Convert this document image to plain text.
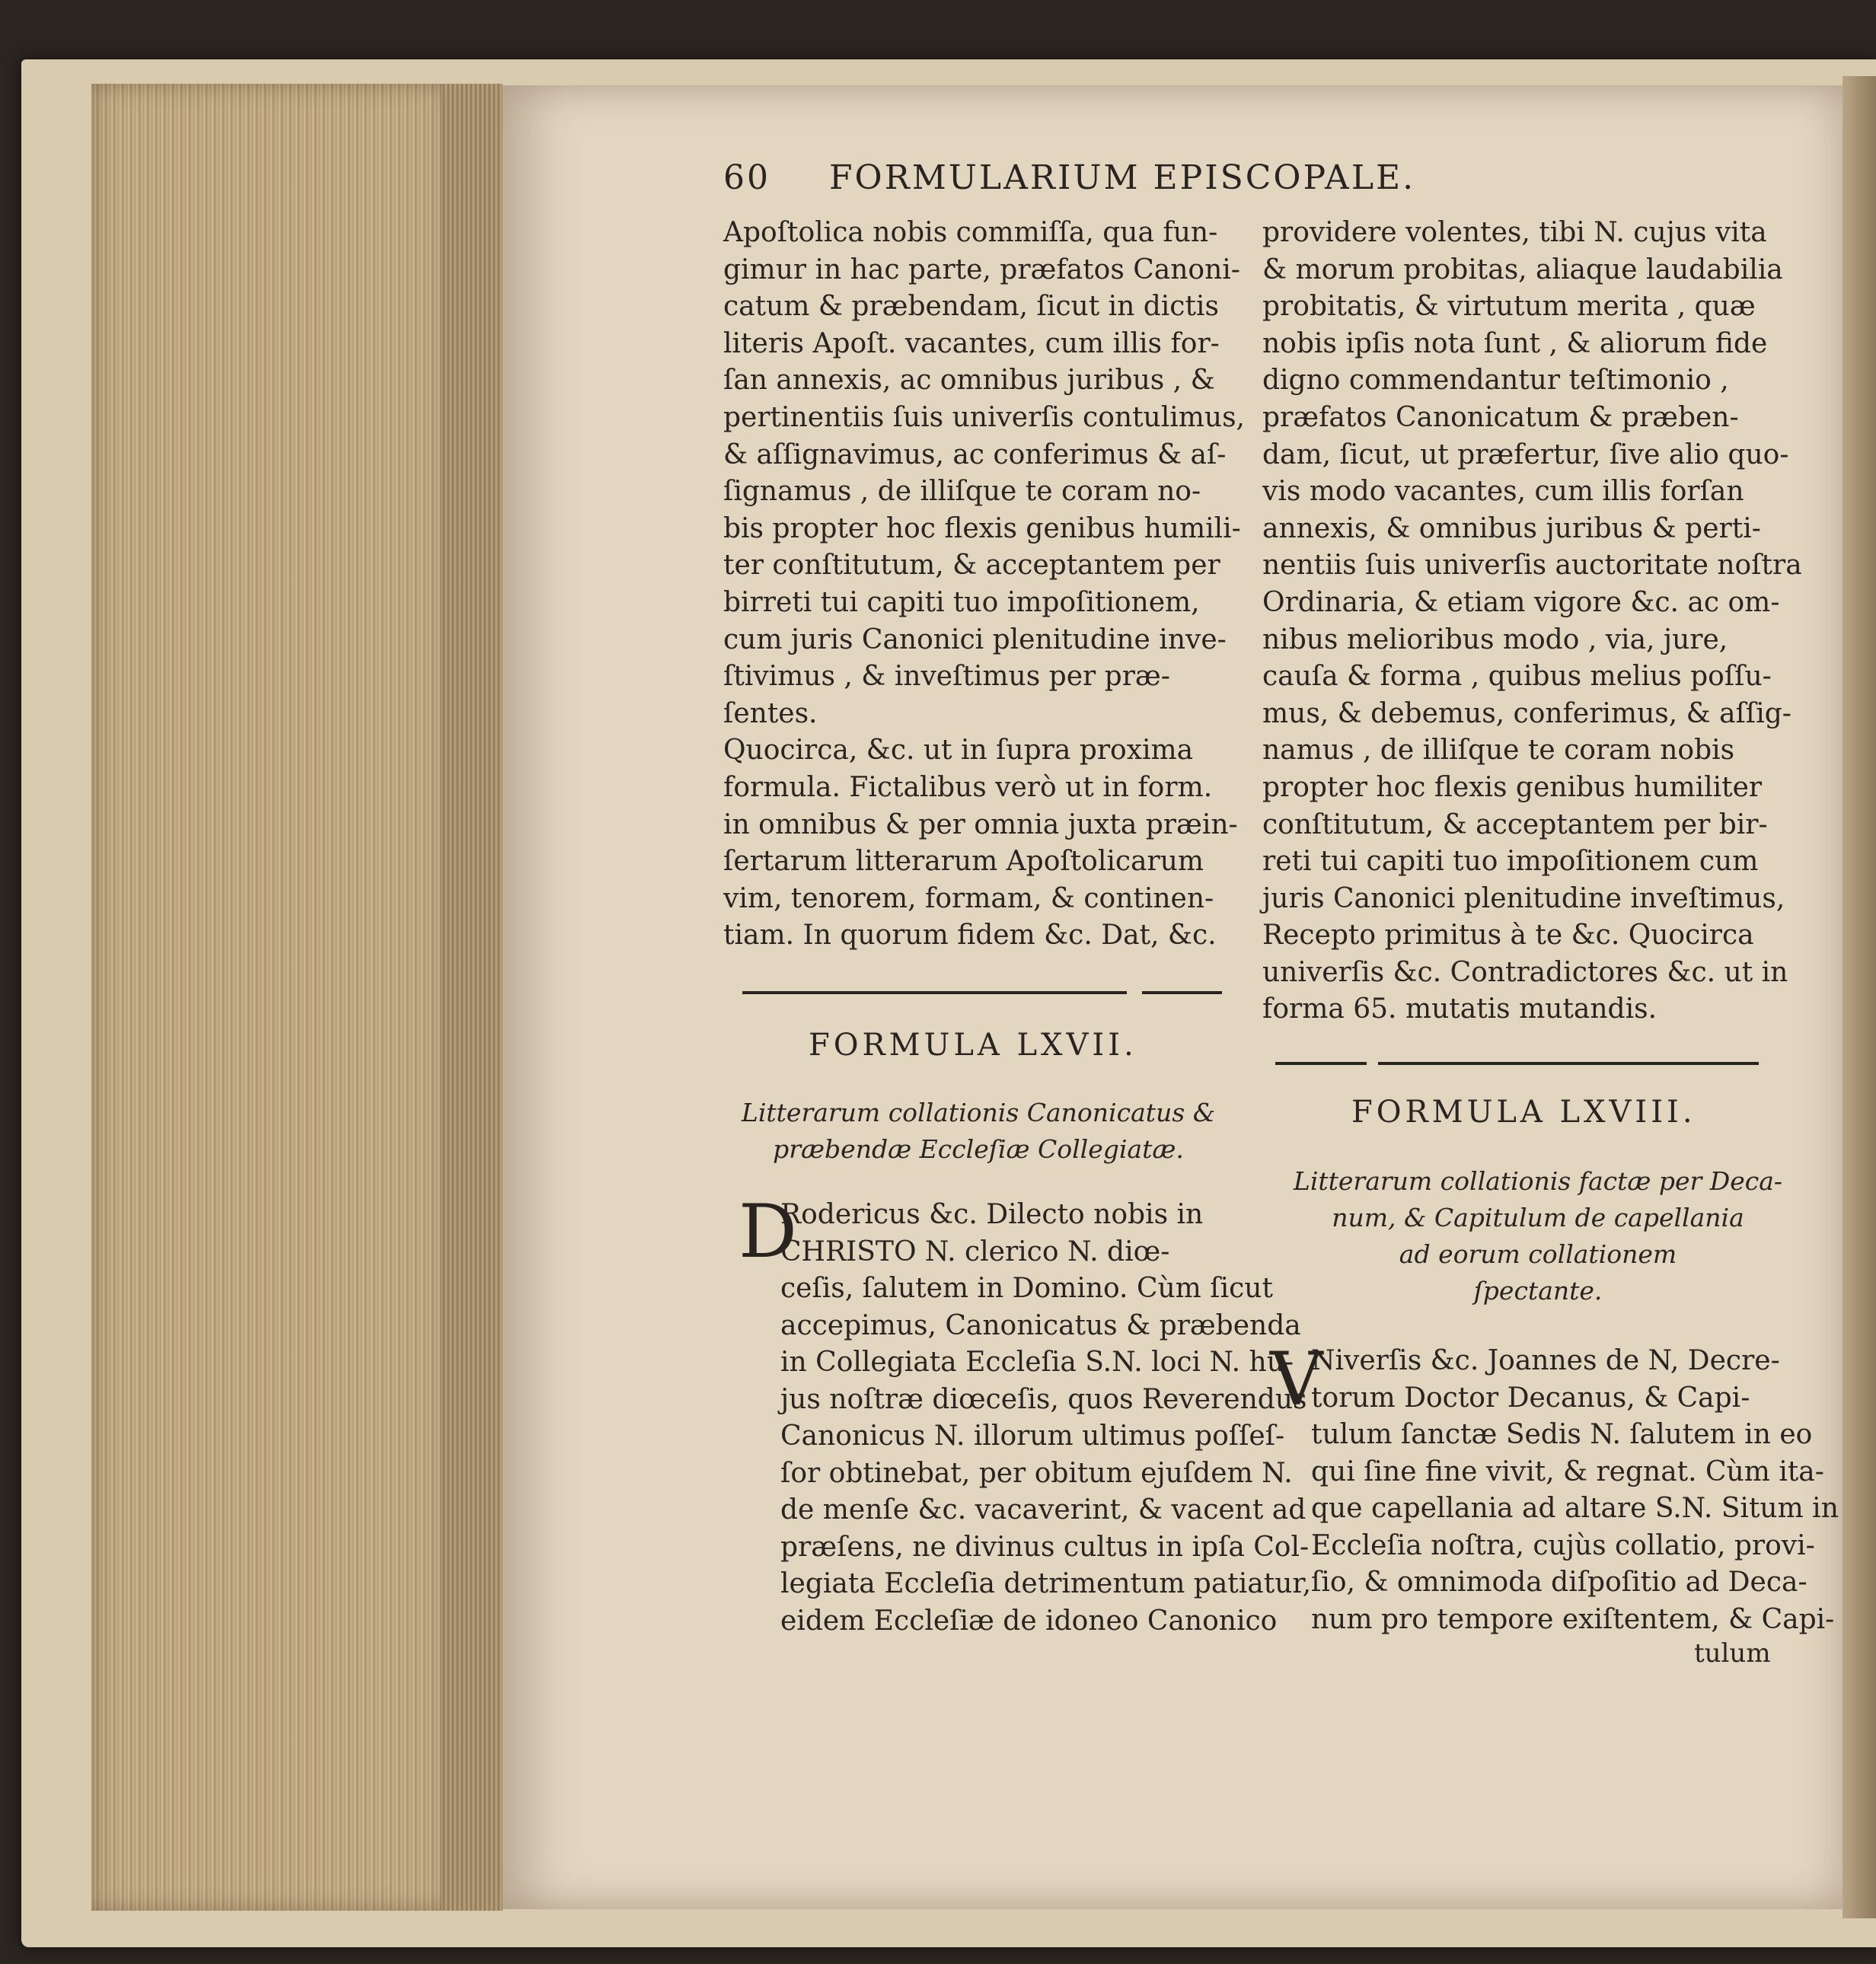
60 FORMULARIUM EPISCOPALE.
Apoſtolica nobis commiſſa, qua fun-
gimur in hac parte, præfatos Canoni-
catum & præbendam, ſicut in dictis
literis Apoſt. vacantes, cum illis for-
ſan annexis, ac omnibus juribus , &
pertinentiis ſuis univerſis contulimus,
& aſſignavimus, ac conferimus & aſ-
ſignamus , de illiſque te coram no-
bis propter hoc flexis genibus humili-
ter conſtitutum, & acceptantem per
birreti tui capiti tuo impoſitionem,
cum juris Canonici plenitudine inve-
ſtivimus , & inveſtimus per præ-
ſentes.
Quocirca, &c. ut in ſupra proxima
formula. Fictalibus verò ut in form.
in omnibus & per omnia juxta præin-
ſertarum litterarum Apoſtolicarum
vim, tenorem, formam, & continen-
tiam. In quorum fidem &c. Dat, &c.
FORMULA LXVII.
Litterarum collationis Canonicatus &
præbendæ Eccleſiæ Collegiatæ.
D
Rodericus &c. Dilecto nobis in
CHRISTO N. clerico N. diœ-
ceſis, ſalutem in Domino. Cùm ſicut
accepimus, Canonicatus & præbenda
in Collegiata Eccleſia S.N. loci N. hu-
jus noſtræ diœceſis, quos Reverendus
Canonicus N. illorum ultimus poſſeſ-
ſor obtinebat, per obitum ejuſdem N.
de menſe &c. vacaverint, & vacent ad
præſens, ne divinus cultus in ipſa Col-
legiata Eccleſia detrimentum patiatur,
eidem Eccleſiæ de idoneo Canonico
providere volentes, tibi N. cujus vita
& morum probitas, aliaque laudabilia
probitatis, & virtutum merita , quæ
nobis ipſis nota ſunt , & aliorum fide
digno commendantur teſtimonio ,
præfatos Canonicatum & præben-
dam, ſicut, ut præfertur, ſive alio quo-
vis modo vacantes, cum illis forſan
annexis, & omnibus juribus & perti-
nentiis ſuis univerſis auctoritate noſtra
Ordinaria, & etiam vigore &c. ac om-
nibus melioribus modo , via, jure,
cauſa & forma , quibus melius poſſu-
mus, & debemus, conferimus, & aſſig-
namus , de illiſque te coram nobis
propter hoc flexis genibus humiliter
conſtitutum, & acceptantem per bir-
reti tui capiti tuo impoſitionem cum
juris Canonici plenitudine inveſtimus,
Recepto primitus à te &c. Quocirca
univerſis &c. Contradictores &c. ut in
forma 65. mutatis mutandis.
FORMULA LXVIII.
Litterarum collationis factæ per Deca-
num, & Capitulum de capellania
ad eorum collationem
ſpectante.
V
Niverſis &c. Joannes de N, Decre-
torum Doctor Decanus, & Capi-
tulum ſanctæ Sedis N. ſalutem in eo
qui ſine fine vivit, & regnat. Cùm ita-
que capellania ad altare S.N. Situm in
Eccleſia noſtra, cujùs collatio, provi-
ſio, & omnimoda diſpoſitio ad Deca-
num pro tempore exiſtentem, & Capi-
tulum
